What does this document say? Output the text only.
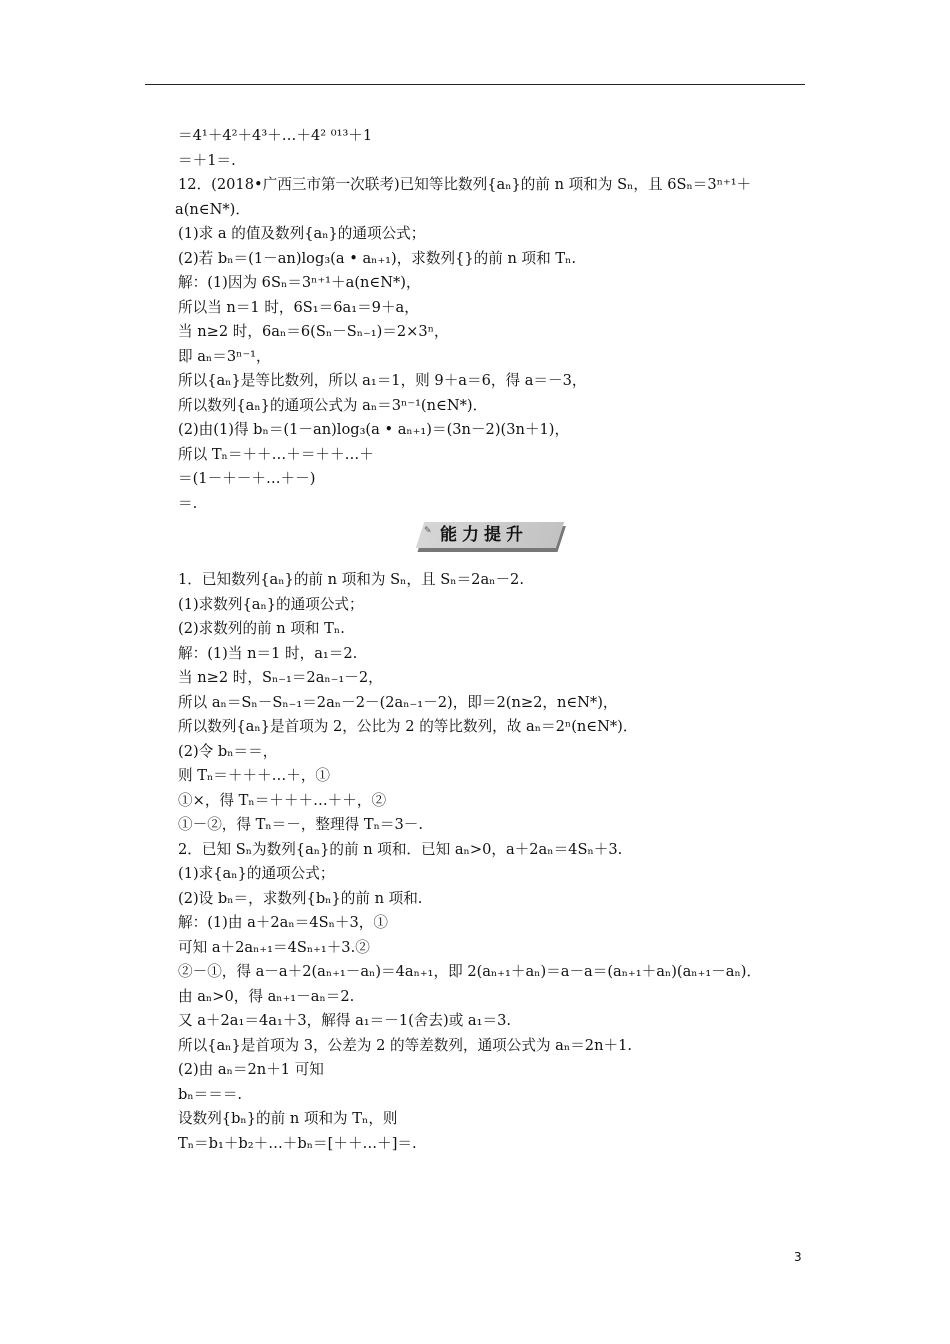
＝4¹＋4²＋4³＋…＋4² ⁰¹³＋1
＝＋1＝.
12．(2018•广西三市第一次联考)已知等比数列{aₙ}的前 n 项和为 Sₙ，且 6Sₙ＝3ⁿ⁺¹＋
a(n∈N*)．
(1)求 a 的值及数列{aₙ}的通项公式；
(2)若 bₙ＝(1－an)log₃(a • aₙ₊₁)，求数列{}的前 n 项和 Tₙ.
解：(1)因为 6Sₙ＝3ⁿ⁺¹＋a(n∈N*)，
所以当 n＝1 时，6S₁＝6a₁＝9＋a，
当 n≥2 时，6aₙ＝6(Sₙ－Sₙ₋₁)＝2×3ⁿ，
即 aₙ＝3ⁿ⁻¹，
所以{aₙ}是等比数列，所以 a₁＝1，则 9＋a＝6，得 a＝－3，
所以数列{aₙ}的通项公式为 aₙ＝3ⁿ⁻¹(n∈N*)．
(2)由(1)得 bₙ＝(1－an)log₃(a • aₙ₊₁)＝(3n－2)(3n＋1)，
所以 Tₙ＝＋＋…＋＝＋＋…＋
＝(1－＋－＋…＋－)
＝.
✎ 能力提升
1．已知数列{aₙ}的前 n 项和为 Sₙ，且 Sₙ＝2aₙ－2.
(1)求数列{aₙ}的通项公式；
(2)求数列的前 n 项和 Tₙ.
解：(1)当 n＝1 时，a₁＝2.
当 n≥2 时，Sₙ₋₁＝2aₙ₋₁－2，
所以 aₙ＝Sₙ－Sₙ₋₁＝2aₙ－2－(2aₙ₋₁－2)，即＝2(n≥2，n∈N*)，
所以数列{aₙ}是首项为 2，公比为 2 的等比数列，故 aₙ＝2ⁿ(n∈N*)．
(2)令 bₙ＝＝，
则 Tₙ＝＋＋＋…＋，①
①×，得 Tₙ＝＋＋＋…＋＋，②
①－②，得 Tₙ＝－，整理得 Tₙ＝3－.
2．已知 Sₙ为数列{aₙ}的前 n 项和．已知 aₙ>0，a＋2aₙ＝4Sₙ＋3.
(1)求{aₙ}的通项公式；
(2)设 bₙ＝，求数列{bₙ}的前 n 项和.
解：(1)由 a＋2aₙ＝4Sₙ＋3，①
可知 a＋2aₙ₊₁＝4Sₙ₊₁＋3.②
②－①，得 a－a＋2(aₙ₊₁－aₙ)＝4aₙ₊₁，即 2(aₙ₊₁＋aₙ)＝a－a＝(aₙ₊₁＋aₙ)(aₙ₊₁－aₙ)．
由 aₙ>0，得 aₙ₊₁－aₙ＝2.
又 a＋2a₁＝4a₁＋3，解得 a₁＝－1(舍去)或 a₁＝3.
所以{aₙ}是首项为 3，公差为 2 的等差数列，通项公式为 aₙ＝2n＋1.
(2)由 aₙ＝2n＋1 可知
bₙ＝＝＝.
设数列{bₙ}的前 n 项和为 Tₙ，则
Tₙ＝b₁＋b₂＋…＋bₙ＝[＋＋…＋]＝.
3
